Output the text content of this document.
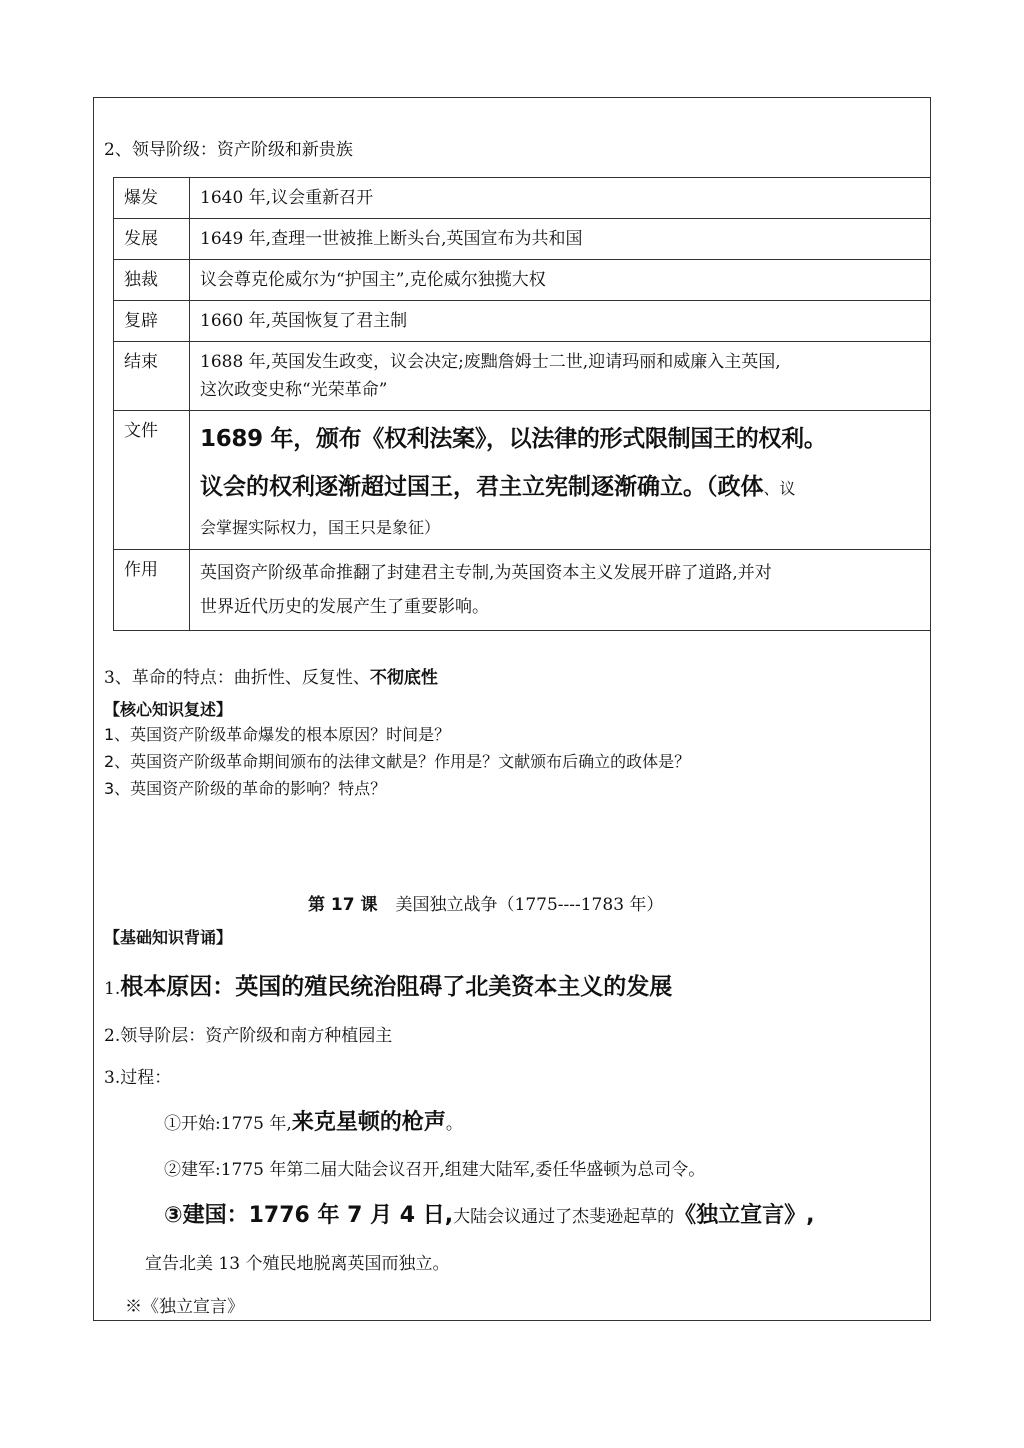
2、领导阶级：资产阶级和新贵族
爆发	1640 年,议会重新召开
发展	1649 年,查理一世被推上断头台,英国宣布为共和国
独裁	议会尊克伦威尔为“护国主”,克伦威尔独揽大权
复辟	1660 年,英国恢复了君主制
结束	1688 年,英国发生政变，议会决定;废黜詹姆士二世,迎请玛丽和威廉入主英国,
这次政变史称“光荣革命”

文件	1689 年，颁布《权利法案》，以法律的形式限制国王的权利。
议会的权利逐渐超过国王，君主立宪制逐渐确立。（政体、议
会掌握实际权力，国王只是象征）

作用	英国资产阶级革命推翻了封建君主专制,为英国资本主义发展开辟了道路,并对
世界近代历史的发展产生了重要影响。
3、革命的特点：曲折性、反复性、不彻底性
【核心知识复述】
1、英国资产阶级革命爆发的根本原因？时间是？
2、英国资产阶级革命期间颁布的法律文献是？作用是？文献颁布后确立的政体是？
3、英国资产阶级的革命的影响？特点？
第 17 课 美国独立战争（1775----1783 年）
【基础知识背诵】
1.根本原因：英国的殖民统治阻碍了北美资本主义的发展
2.领导阶层：资产阶级和南方种植园主
3.过程：
①开始:1775 年,来克星顿的枪声。
②建军:1775 年第二届大陆会议召开,组建大陆军,委任华盛顿为总司令。
③建国：1776 年 7 月 4 日,大陆会议通过了杰斐逊起草的《独立宣言》,
宣告北美 13 个殖民地脱离英国而独立。
※《独立宣言》
